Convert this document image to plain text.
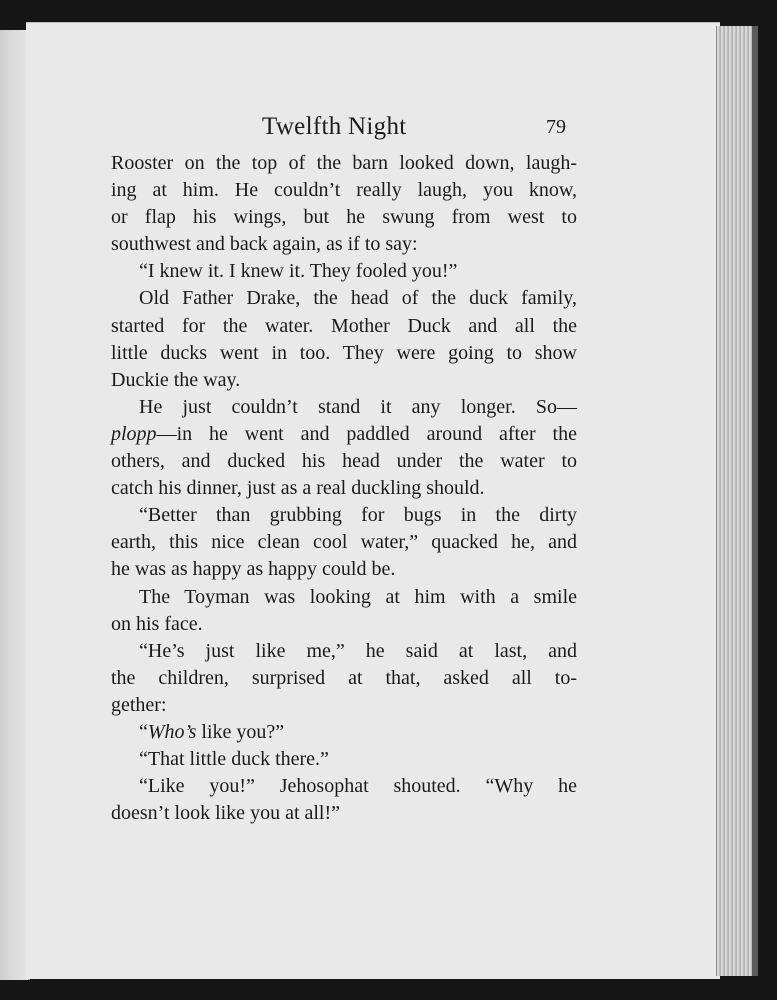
Twelfth Night	79
Rooster on the top of the barn looked down, laugh-
ing at him. He couldn’t really laugh, you know,
or flap his wings, but he swung from west to
southwest and back again, as if to say:
“I knew it. I knew it. They fooled you!”
Old Father Drake, the head of the duck family,
started for the water. Mother Duck and all the
little ducks went in too. They were going to show
Duckie the way.
He just couldn’t stand it any longer. So—
plopp—in he went and paddled around after the
others, and ducked his head under the water to
catch his dinner, just as a real duckling should.
“Better than grubbing for bugs in the dirty
earth, this nice clean cool water,” quacked he, and
he was as happy as happy could be.
The Toyman was looking at him with a smile
on his face.
“He’s just like me,” he said at last, and
the children, surprised at that, asked all to-
gether:
“Who’s like you?”
“That little duck there.”
“Like you!” Jehosophat shouted. “Why he
doesn’t look like you at all!”
